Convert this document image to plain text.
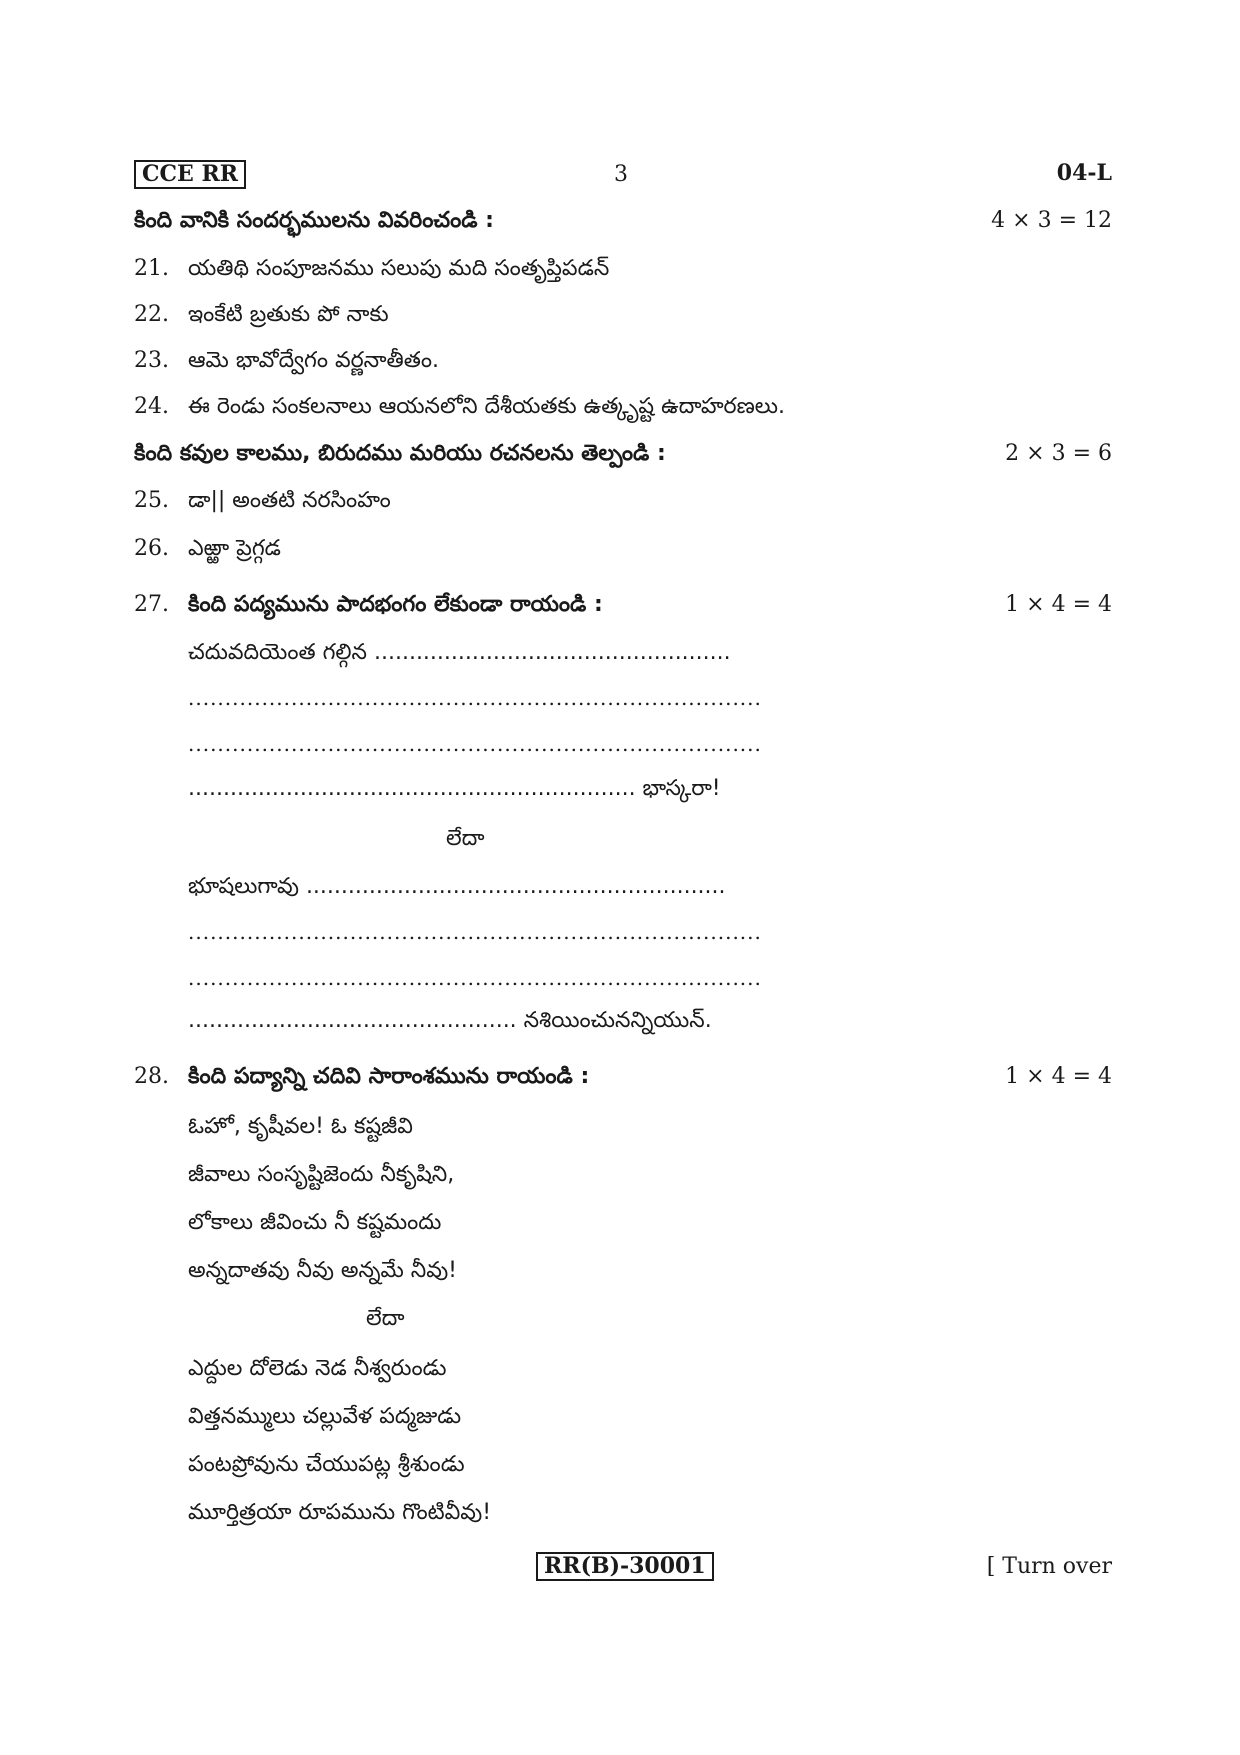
CCE RR	3	04-L
కింది వానికి సందర్భములను వివరించండి :	4 × 3 = 12
21. యతిథి సంపూజనము సలుపు మది సంతృప్తిపడన్
22. ఇంకేటి బ్రతుకు పో నాకు
23. ఆమె భావోద్వేగం వర్ణనాతీతం.
24. ఈ రెండు సంకలనాలు ఆయనలోని దేశీయతకు ఉత్కృష్ట ఉదాహరణలు.
కింది కవుల కాలము, బిరుదము మరియు రచనలను తెల్పండి :	2 × 3 = 6
25. డా|| అంతటి నరసింహం
26. ఎఱ్ఱా ప్రెగ్గడ
27. కింది పద్యమును పాదభంగం లేకుండా రాయండి :	1 × 4 = 4
చదువదియెంత గల్గిన ...................................................
..............................................................................
..............................................................................
................................................................ భాస్కరా!
లేదా
భూషలుగావు ............................................................
..............................................................................
..............................................................................
............................................... నశియించునన్నియున్.
28. కింది పద్యాన్ని చదివి సారాంశమును రాయండి :	1 × 4 = 4
ఓహో, కృషీవల! ఓ కష్టజీవి
జీవాలు సంసృష్టిజెందు నీకృషిని,
లోకాలు జీవించు నీ కష్టమందు
అన్నదాతవు నీవు అన్నమే నీవు!
లేదా
ఎద్దుల దోలెడు నెడ నీశ్వరుండు
విత్తనమ్ములు చల్లువేళ పద్మజుడు
పంటప్రోవును చేయుపట్ల శ్రీశుండు
మూర్తిత్రయా రూపమును గొంటివీవు!
RR(B)-30001	[ Turn over
